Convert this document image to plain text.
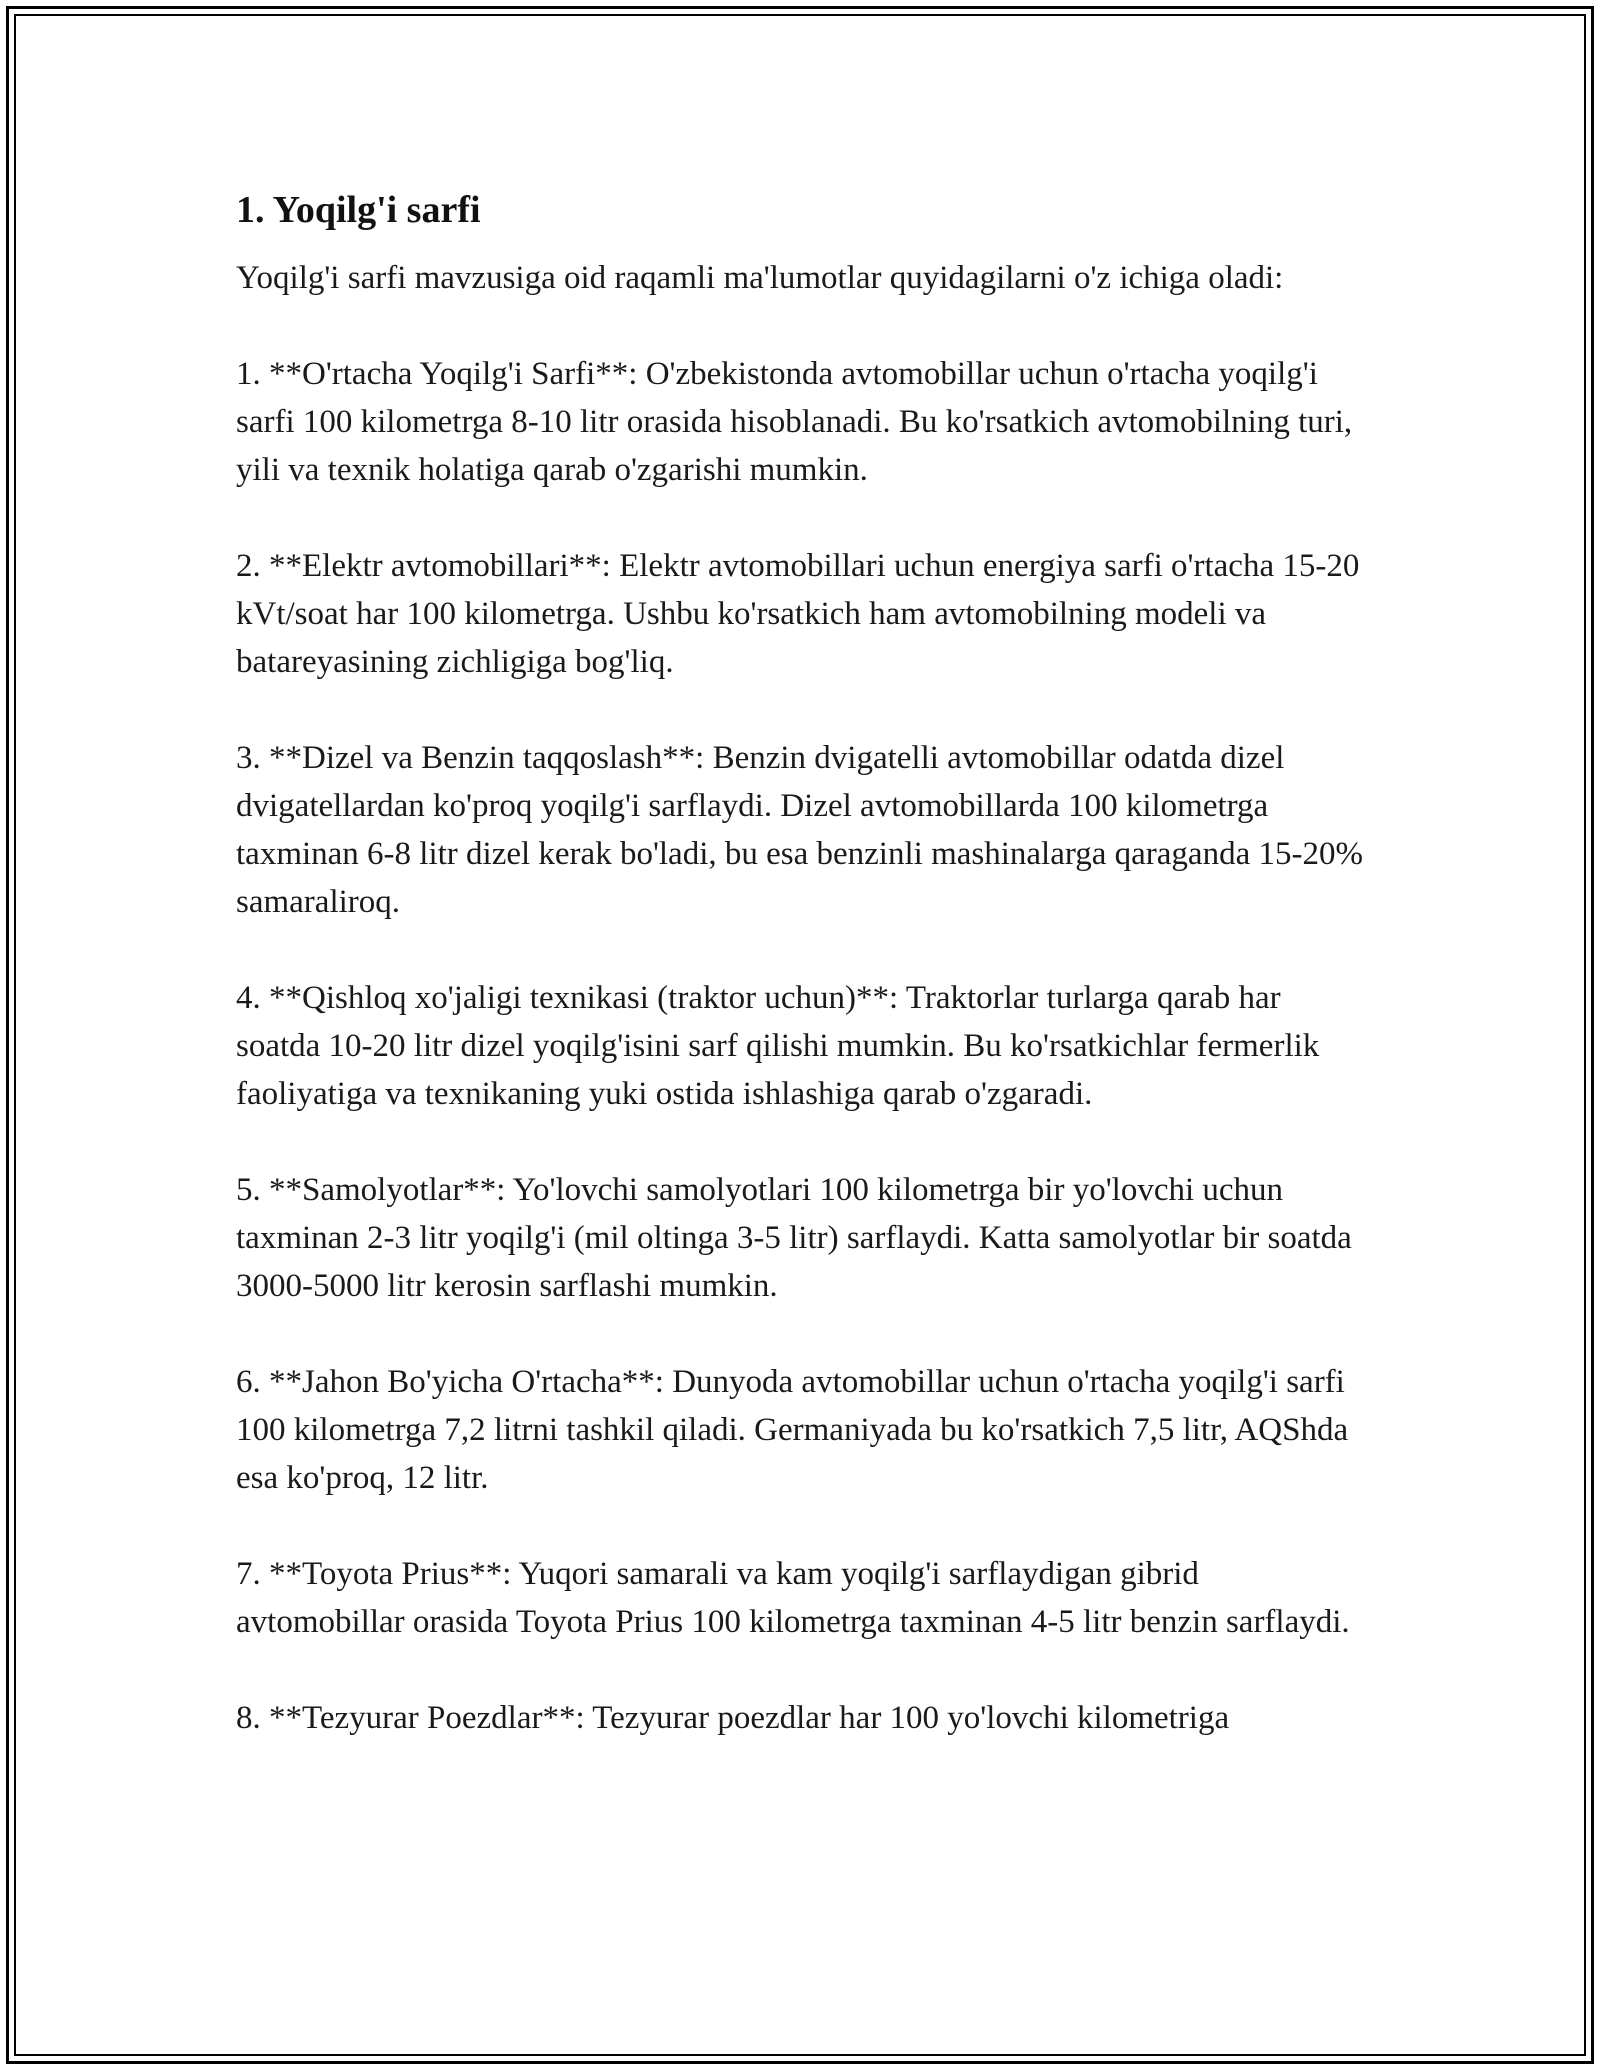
1. Yoqilg'i sarfi

Yoqilg'i sarfi mavzusiga oid raqamli ma'lumotlar quyidagilarni o'z ichiga oladi:

1. **O'rtacha Yoqilg'i Sarfi**: O'zbekistonda avtomobillar uchun o'rtacha yoqilg'i sarfi 100 kilometrga 8-10 litr orasida hisoblanadi. Bu ko'rsatkich avtomobilning turi, yili va texnik holatiga qarab o'zgarishi mumkin.

2. **Elektr avtomobillari**: Elektr avtomobillari uchun energiya sarfi o'rtacha 15-20 kVt/soat har 100 kilometrga. Ushbu ko'rsatkich ham avtomobilning modeli va batareyasining zichligiga bog'liq.

3. **Dizel va Benzin taqqoslash**: Benzin dvigatelli avtomobillar odatda dizel dvigatellardan ko'proq yoqilg'i sarflaydi. Dizel avtomobillarda 100 kilometrga taxminan 6-8 litr dizel kerak bo'ladi, bu esa benzinli mashinalarga qaraganda 15-20% samaraliroq.

4. **Qishloq xo'jaligi texnikasi (traktor uchun)**: Traktorlar turlarga qarab har soatda 10-20 litr dizel yoqilg'isini sarf qilishi mumkin. Bu ko'rsatkichlar fermerlik faoliyatiga va texnikaning yuki ostida ishlashiga qarab o'zgaradi.

5. **Samolyotlar**: Yo'lovchi samolyotlari 100 kilometrga bir yo'lovchi uchun taxminan 2-3 litr yoqilg'i (mil oltinga 3-5 litr) sarflaydi. Katta samolyotlar bir soatda 3000-5000 litr kerosin sarflashi mumkin.

6. **Jahon Bo'yicha O'rtacha**: Dunyoda avtomobillar uchun o'rtacha yoqilg'i sarfi 100 kilometrga 7,2 litrni tashkil qiladi. Germaniyada bu ko'rsatkich 7,5 litr, AQShda esa ko'proq, 12 litr.

7. **Toyota Prius**: Yuqori samarali va kam yoqilg'i sarflaydigan gibrid avtomobillar orasida Toyota Prius 100 kilometrga taxminan 4-5 litr benzin sarflaydi.

8. **Tezyurar Poezdlar**: Tezyurar poezdlar har 100 yo'lovchi kilometriga
